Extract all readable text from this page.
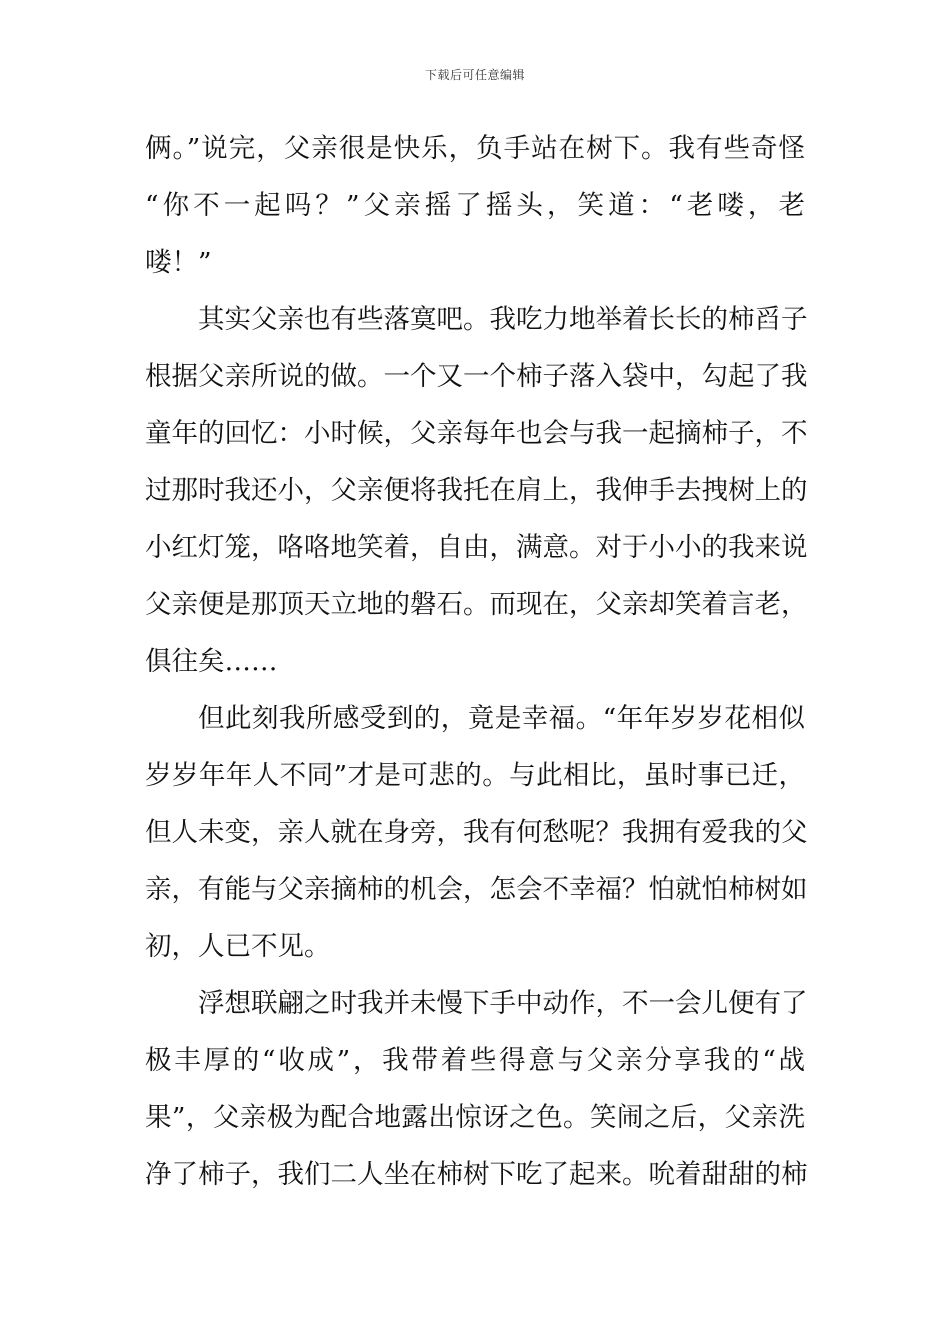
下载后可任意编辑
俩。”说完，父亲很是快乐，负手站在树下。我有些奇怪
“你不一起吗？”父亲摇了摇头，笑道：“老喽，老
喽！”
其实父亲也有些落寞吧。我吃力地举着长长的柿舀子
根据父亲所说的做。一个又一个柿子落入袋中，勾起了我
童年的回忆：小时候，父亲每年也会与我一起摘柿子，不
过那时我还小，父亲便将我托在肩上，我伸手去拽树上的
小红灯笼，咯咯地笑着，自由，满意。对于小小的我来说
父亲便是那顶天立地的磐石。而现在，父亲却笑着言老，
俱往矣……
但此刻我所感受到的，竟是幸福。“年年岁岁花相似
岁岁年年人不同”才是可悲的。与此相比，虽时事已迁，
但人未变，亲人就在身旁，我有何愁呢？我拥有爱我的父
亲，有能与父亲摘柿的机会，怎会不幸福？怕就怕柿树如
初，人已不见。
浮想联翩之时我并未慢下手中动作，不一会儿便有了
极丰厚的“收成”，我带着些得意与父亲分享我的“战
果”，父亲极为配合地露出惊讶之色。笑闹之后，父亲洗
净了柿子，我们二人坐在柿树下吃了起来。吮着甜甜的柿
